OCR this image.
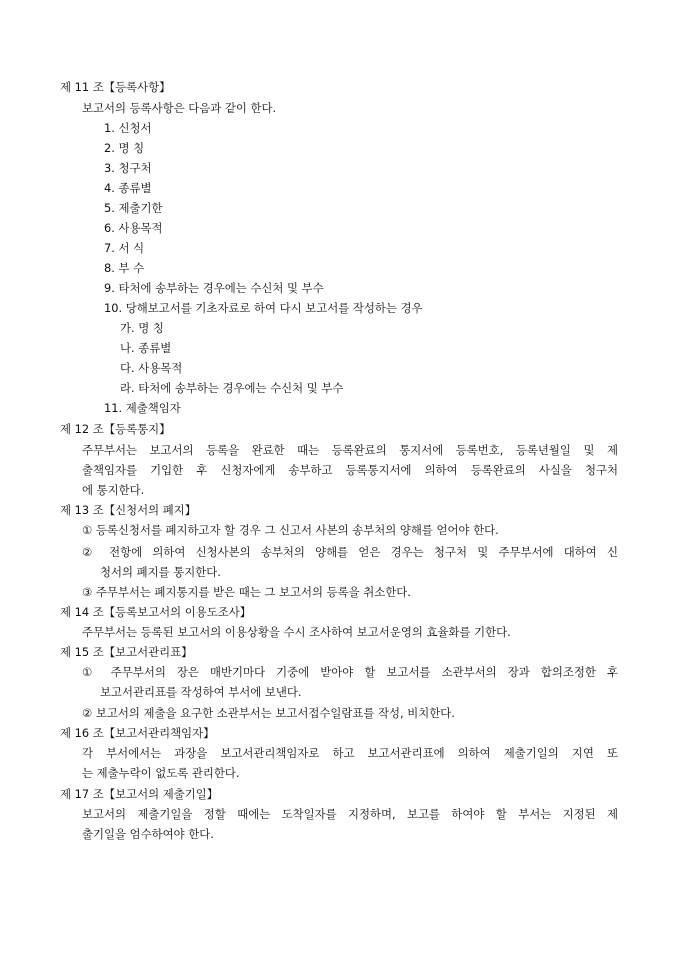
제 11 조【등록사항】
보고서의 등록사항은 다음과 같이 한다.
1. 신청서
2. 명 칭
3. 청구처
4. 종류별
5. 제출기한
6. 사용목적
7. 서 식
8. 부 수
9. 타처에 송부하는 경우에는 수신처 및 부수
10. 당해보고서를 기초자료로 하여 다시 보고서를 작성하는 경우
가. 명 칭
나. 종류별
다. 사용목적
라. 타처에 송부하는 경우에는 수신처 및 부수
11. 제출책임자
제 12 조【등록통지】
주무부서는 보고서의 등록을 완료한 때는 등록완료의 통지서에 등록번호, 등록년월일 및 제
출책임자를 기입한 후 신청자에게 송부하고 등록통지서에 의하여 등록완료의 사실을 청구처
에 통지한다.
제 13 조【신청서의 폐지】
① 등록신청서를 폐지하고자 할 경우 그 신고서 사본의 송부처의 양해를 얻어야 한다.
② 전항에 의하여 신청사본의 송부처의 양해를 얻은 경우는 청구처 및 주무부서에 대하여 신
청서의 폐지를 통지한다.
③ 주무부서는 폐지통지를 받은 때는 그 보고서의 등록을 취소한다.
제 14 조【등록보고서의 이용도조사】
주무부서는 등록된 보고서의 이용상황을 수시 조사하여 보고서운영의 효율화를 기한다.
제 15 조【보고서관리표】
① 주무부서의 장은 매반기마다 기중에 받아야 할 보고서를 소관부서의 장과 합의조정한 후
보고서관리표를 작성하여 부서에 보낸다.
② 보고서의 제출을 요구한 소관부서는 보고서접수일람표를 작성, 비치한다.
제 16 조【보고서관리책임자】
각 부서에서는 과장을 보고서관리책임자로 하고 보고서관리표에 의하여 제출기일의 지연 또
는 제출누락이 없도록 관리한다.
제 17 조【보고서의 제출기일】
보고서의 제출기일을 정할 때에는 도착일자를 지정하며, 보고를 하여야 할 부서는 지정된 제
출기일을 엄수하여야 한다.
